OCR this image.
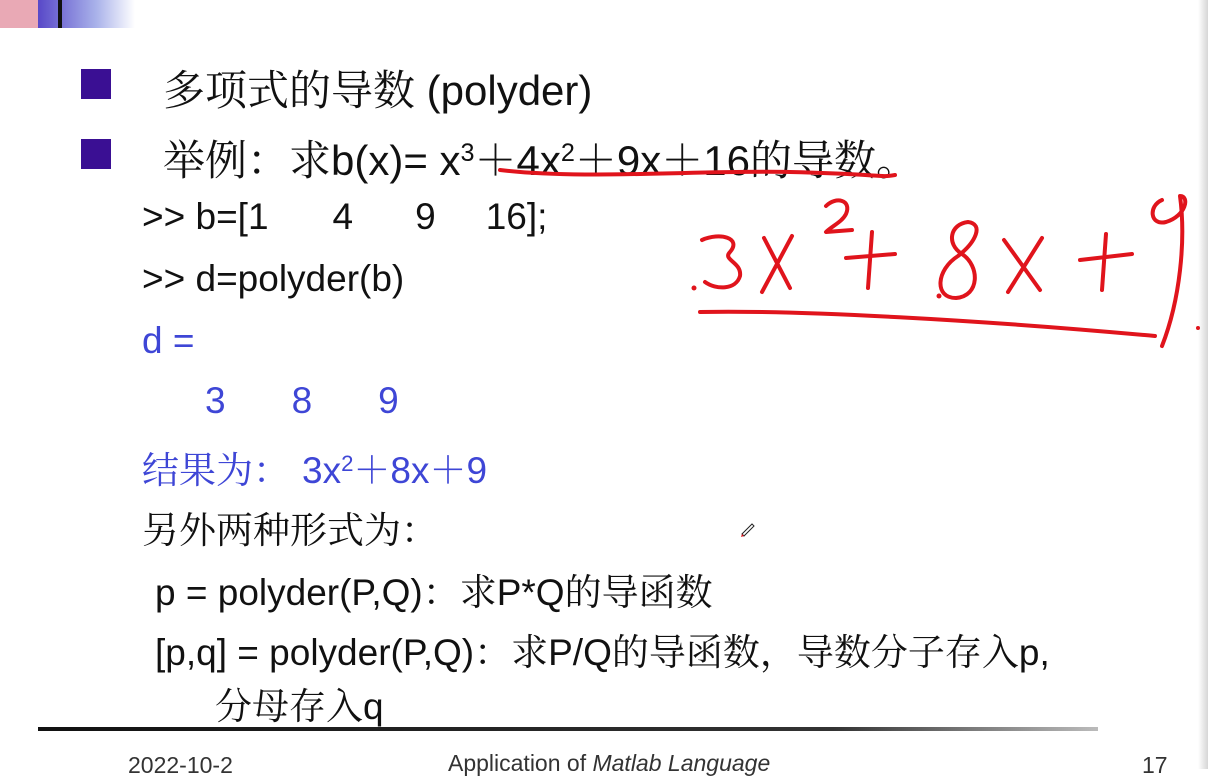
多项式的导数 (polyder)
举例：求$b(x)= x^3+4x^2+9x+16$的导数。
>> b=[1 4 9 16];
>> d=polyder(b)
d =
3 8 9
结果为： $3x^2+8x+9$
另外两种形式为：
p = polyder(P,Q)：求P*Q的导函数
[p,q] = polyder(P,Q)：求P/Q的导函数，导数分子存入p,
分母存入q
2022-10-2	Application of Matlab Language	17
